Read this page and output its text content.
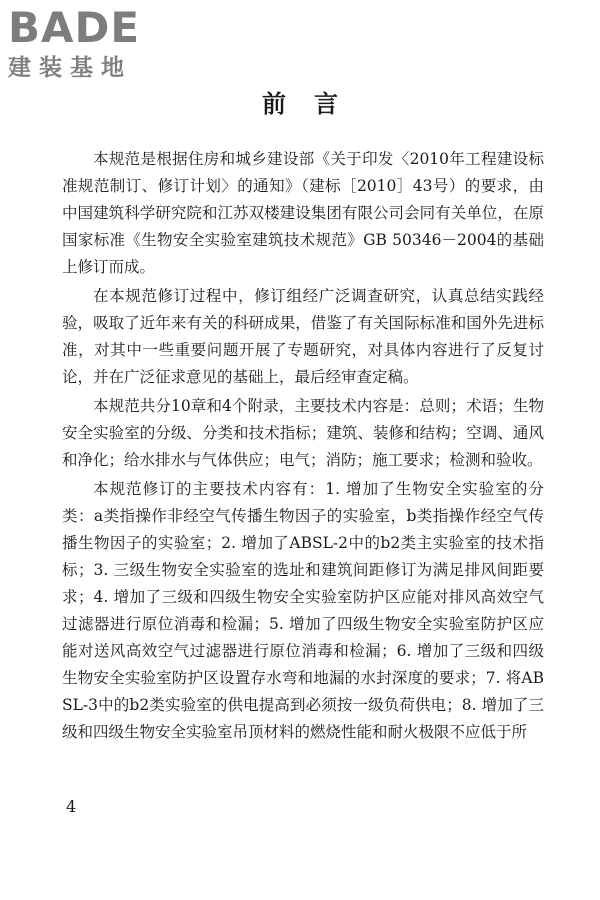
BADE
建装基地
前言

本规范是根据住房和城乡建设部《关于印发〈2010年工程建设标准规范制订、修订计划〉的通知》（建标［2010］43号）的要求，由中国建筑科学研究院和江苏双楼建设集团有限公司会同有关单位，在原国家标准《生物安全实验室建筑技术规范》GB 50346－2004的基础上修订而成。

在本规范修订过程中，修订组经广泛调查研究，认真总结实践经验，吸取了近年来有关的科研成果，借鉴了有关国际标准和国外先进标准，对其中一些重要问题开展了专题研究，对具体内容进行了反复讨论，并在广泛征求意见的基础上，最后经审查定稿。

本规范共分10章和4个附录，主要技术内容是：总则；术语；生物安全实验室的分级、分类和技术指标；建筑、装修和结构；空调、通风和净化；给水排水与气体供应；电气；消防；施工要求；检测和验收。

本规范修订的主要技术内容有：1. 增加了生物安全实验室的分类：a类指操作非经空气传播生物因子的实验室，b类指操作经空气传播生物因子的实验室；2. 增加了ABSL-2中的b2类主实验室的技术指标；3. 三级生物安全实验室的选址和建筑间距修订为满足排风间距要求；4. 增加了三级和四级生物安全实验室防护区应能对排风高效空气过滤器进行原位消毒和检漏；5. 增加了四级生物安全实验室防护区应能对送风高效空气过滤器进行原位消毒和检漏；6. 增加了三级和四级生物安全实验室防护区设置存水弯和地漏的水封深度的要求；7. 将ABSL-3中的b2类实验室的供电提高到必须按一级负荷供电；8. 增加了三级和四级生物安全实验室吊顶材料的燃烧性能和耐火极限不应低于所

4
